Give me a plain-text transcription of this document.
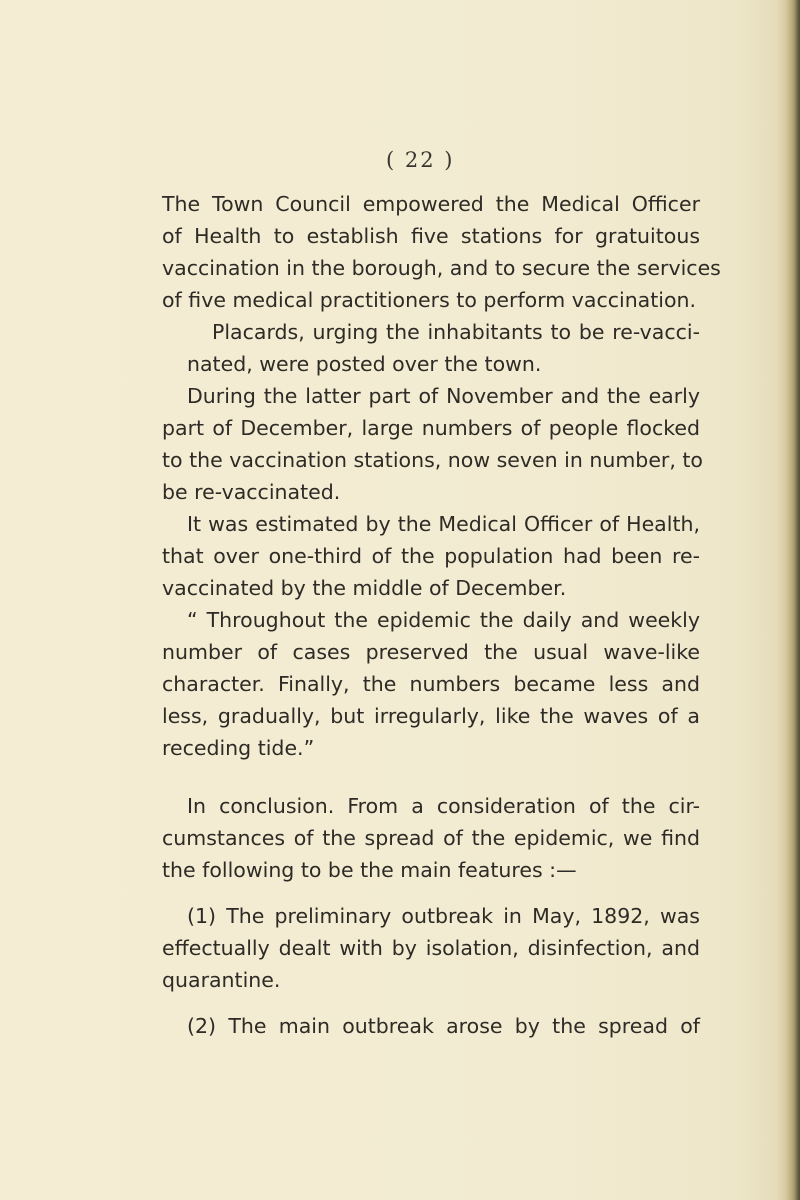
( 22 )

The Town Council empowered the Medical Officer
of Health to establish five stations for gratuitous
vaccination in the borough, and to secure the services
of five medical practitioners to perform vaccination.

Placards, urging the inhabitants to be re-vacci-
nated, were posted over the town.

During the latter part of November and the early
part of December, large numbers of people flocked
to the vaccination stations, now seven in number, to
be re-vaccinated.

It was estimated by the Medical Officer of Health,
that over one-third of the population had been re-
vaccinated by the middle of December.

“ Throughout the epidemic the daily and weekly
number of cases preserved the usual wave-like
character. Finally, the numbers became less and
less, gradually, but irregularly, like the waves of a
receding tide.”

In conclusion. From a consideration of the cir-
cumstances of the spread of the epidemic, we find
the following to be the main features :—

(1) The preliminary outbreak in May, 1892, was
effectually dealt with by isolation, disinfection, and
quarantine.

(2) The main outbreak arose by the spread of
